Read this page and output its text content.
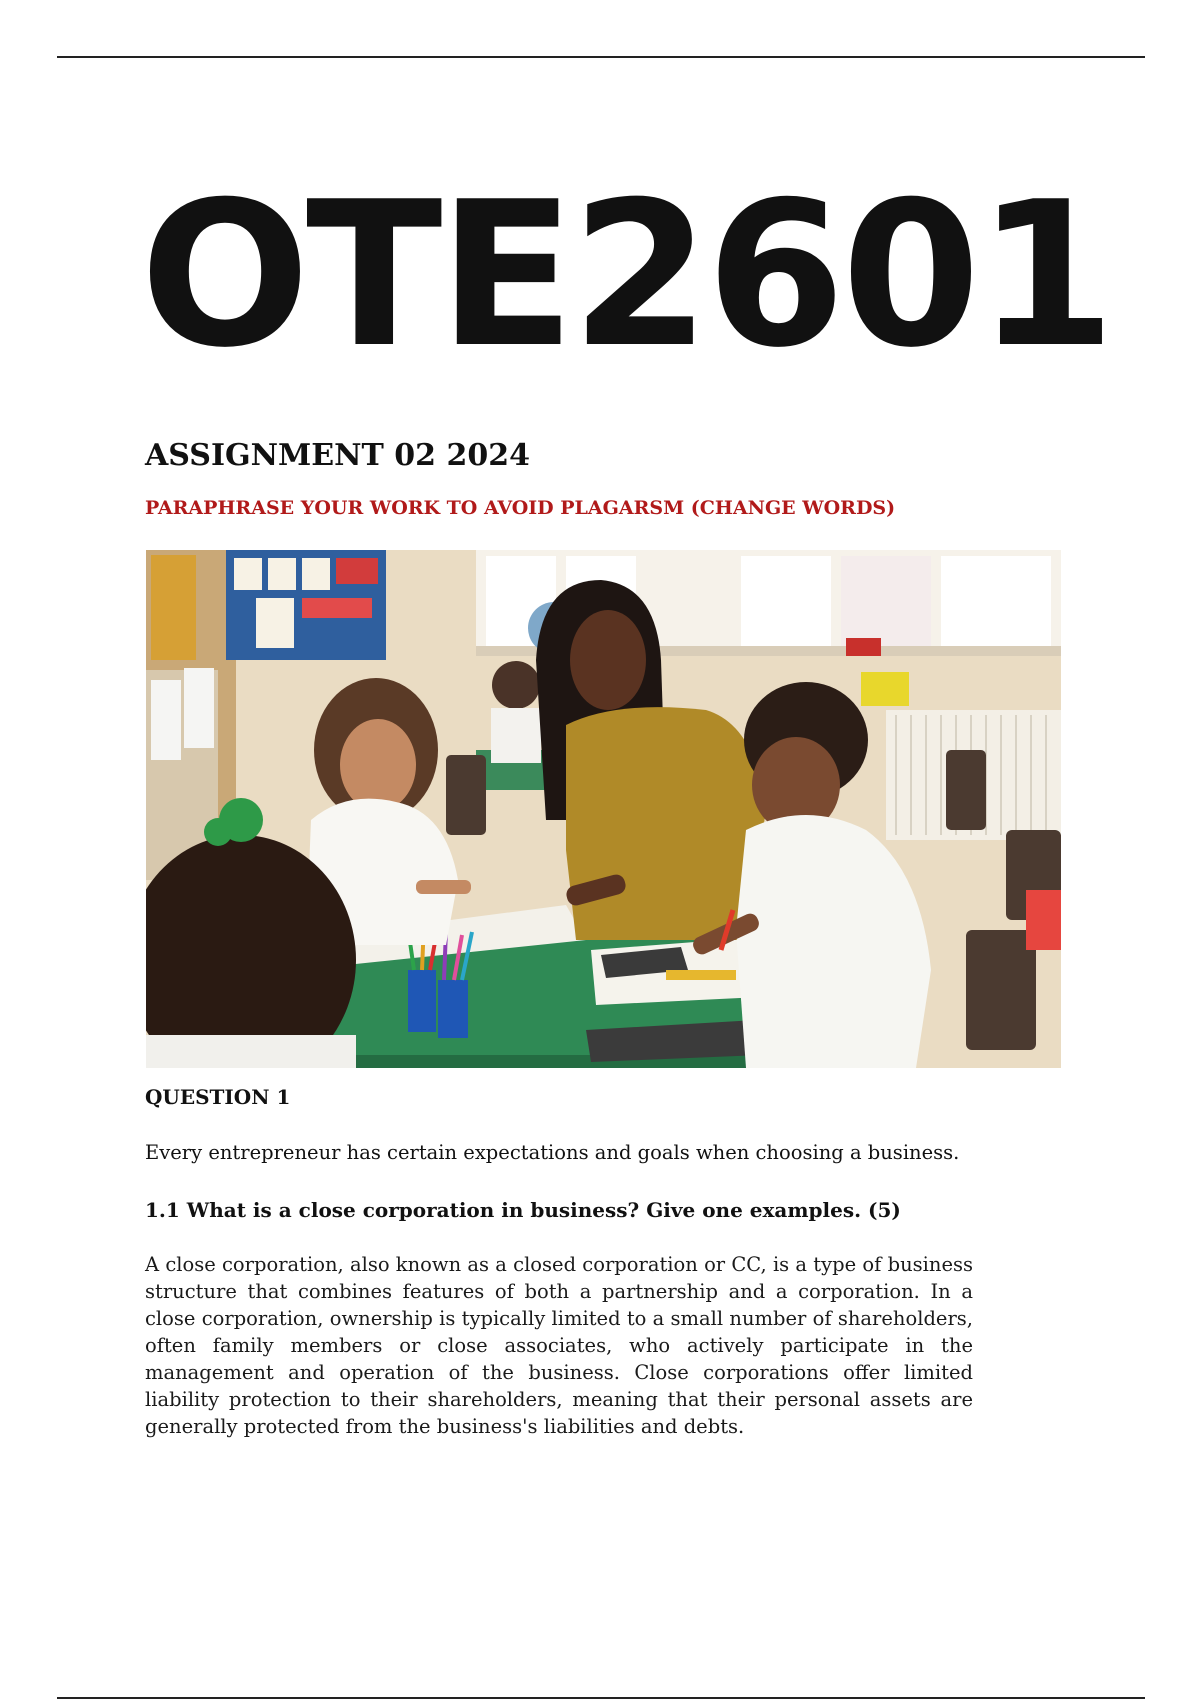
OTE2601
ASSIGNMENT 02 2024

PARAPHRASE YOUR WORK TO AVOID PLAGARSM (CHANGE WORDS)

QUESTION 1

Every entrepreneur has certain expectations and goals when choosing a business.

1.1 What is a close corporation in business? Give one examples. (5)

A close corporation, also known as a closed corporation or CC, is a type of business structure that combines features of both a partnership and a corporation. In a close corporation, ownership is typically limited to a small number of shareholders, often family members or close associates, who actively participate in the management and operation of the business. Close corporations offer limited liability protection to their shareholders, meaning that their personal assets are generally protected from the business's liabilities and debts.
